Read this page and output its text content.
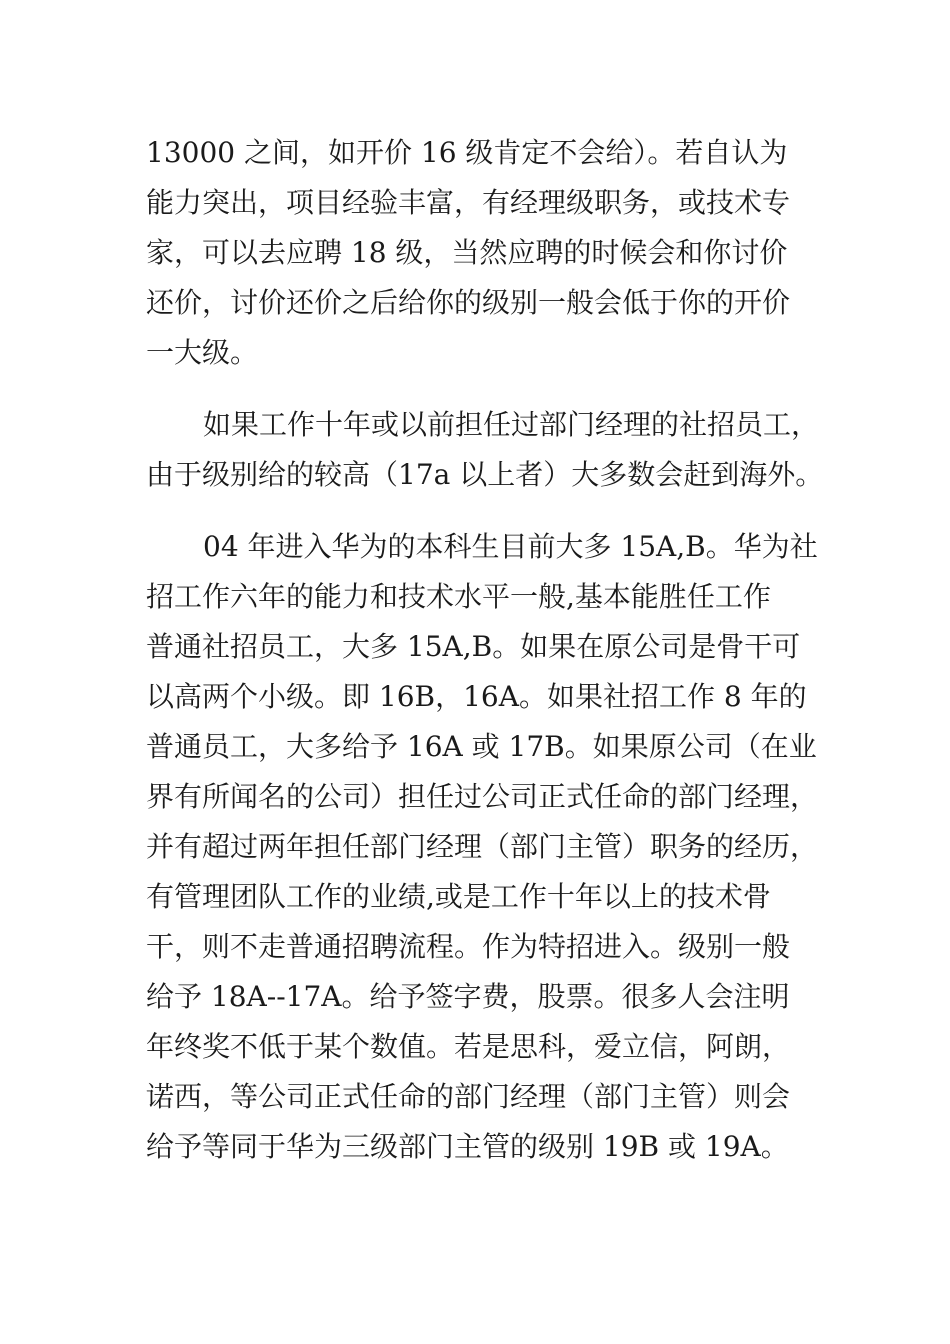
13000 之间，如开价 16 级肯定不会给）。若自认为
能力突出，项目经验丰富，有经理级职务，或技术专
家，可以去应聘 18 级，当然应聘的时候会和你讨价
还价，讨价还价之后给你的级别一般会低于你的开价
一大级。

如果工作十年或以前担任过部门经理的社招员工，
由于级别给的较高（17a 以上者）大多数会赶到海外。

04 年进入华为的本科生目前大多 15A,B。华为社
招工作六年的能力和技术水平一般,基本能胜任工作
普通社招员工，大多 15A,B。如果在原公司是骨干可
以高两个小级。即 16B，16A。如果社招工作 8 年的
普通员工，大多给予 16A 或 17B。如果原公司（在业
界有所闻名的公司）担任过公司正式任命的部门经理，
并有超过两年担任部门经理（部门主管）职务的经历，
有管理团队工作的业绩,或是工作十年以上的技术骨
干，则不走普通招聘流程。作为特招进入。级别一般
给予 18A--17A。给予签字费，股票。很多人会注明
年终奖不低于某个数值。若是思科，爱立信，阿朗，
诺西，等公司正式任命的部门经理（部门主管）则会
给予等同于华为三级部门主管的级别 19B 或 19A。
